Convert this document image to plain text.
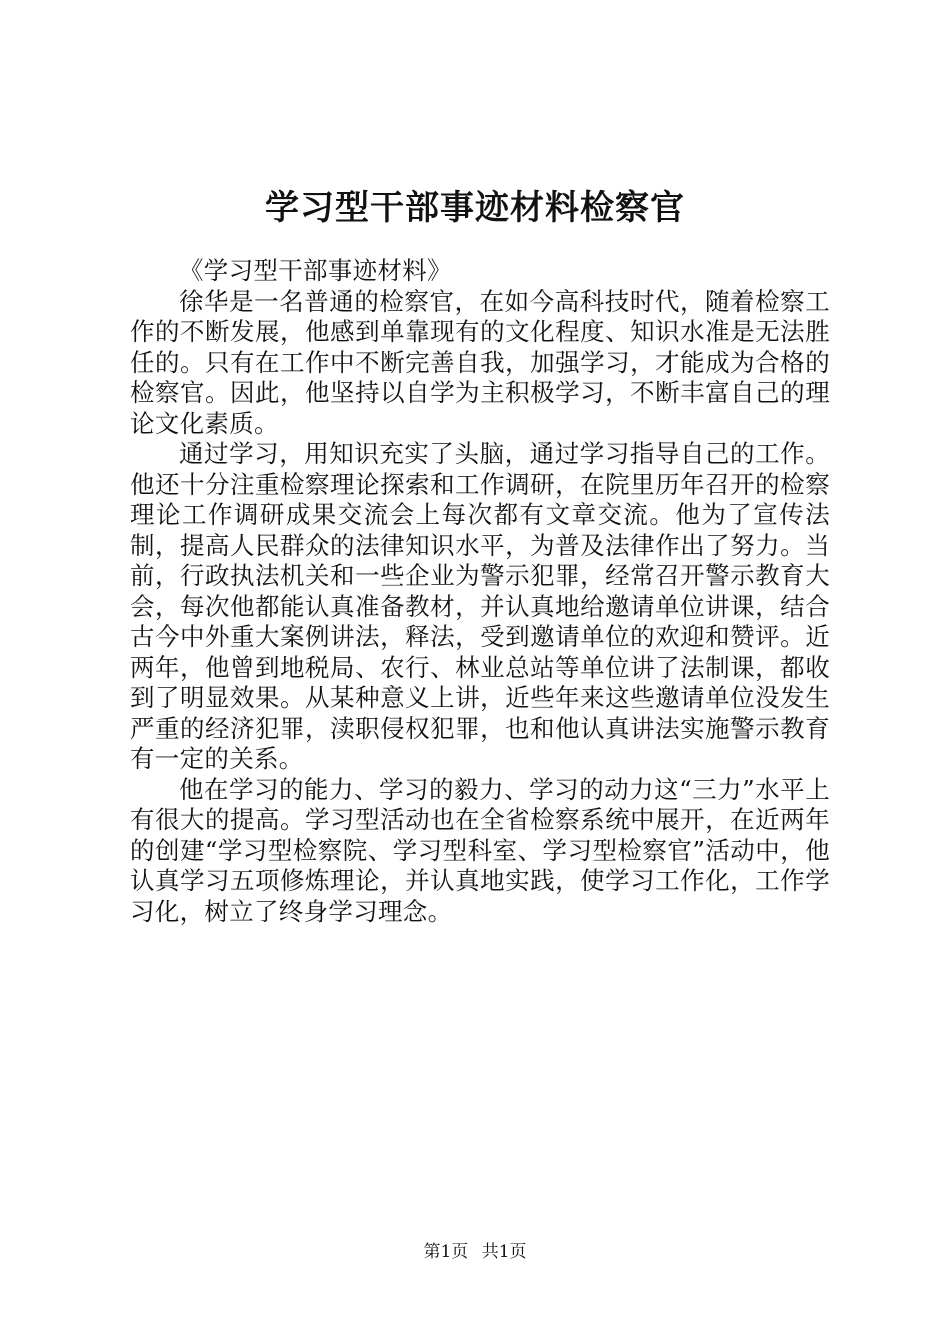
学习型干部事迹材料检察官

《学习型干部事迹材料》

徐华是一名普通的检察官，在如今高科技时代，随着检察工作的不断发展，他感到单靠现有的文化程度、知识水准是无法胜任的。只有在工作中不断完善自我，加强学习，才能成为合格的检察官。因此，他坚持以自学为主积极学习，不断丰富自己的理论文化素质。

通过学习，用知识充实了头脑，通过学习指导自己的工作。他还十分注重检察理论探索和工作调研，在院里历年召开的检察理论工作调研成果交流会上每次都有文章交流。他为了宣传法制，提高人民群众的法律知识水平，为普及法律作出了努力。当前，行政执法机关和一些企业为警示犯罪，经常召开警示教育大会，每次他都能认真准备教材，并认真地给邀请单位讲课，结合古今中外重大案例讲法，释法，受到邀请单位的欢迎和赞评。近两年，他曾到地税局、农行、林业总站等单位讲了法制课，都收到了明显效果。从某种意义上讲，近些年来这些邀请单位没发生严重的经济犯罪，渎职侵权犯罪，也和他认真讲法实施警示教育有一定的关系。

他在学习的能力、学习的毅力、学习的动力这“三力”水平上有很大的提高。学习型活动也在全省检察系统中展开，在近两年的创建“学习型检察院、学习型科室、学习型检察官”活动中，他认真学习五项修炼理论，并认真地实践，使学习工作化，工作学习化，树立了终身学习理念。

第1页 共1页
